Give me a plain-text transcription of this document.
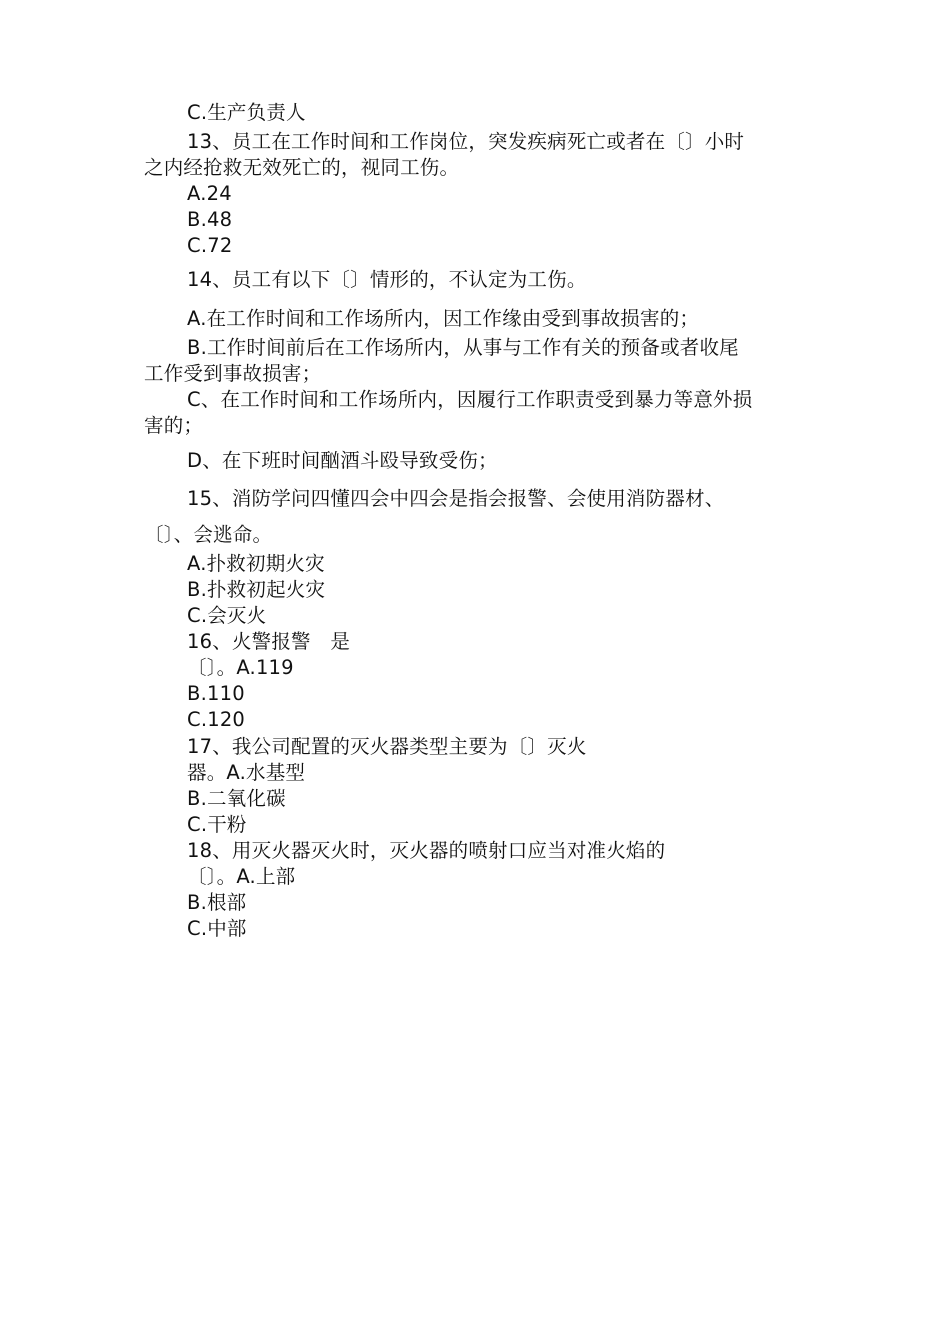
C.生产负责人
13、员工在工作时间和工作岗位，突发疾病死亡或者在〔〕小时
之内经抢救无效死亡的，视同工伤。
A.24
B.48
C.72
14、员工有以下〔〕情形的，不认定为工伤。
A.在工作时间和工作场所内，因工作缘由受到事故损害的；
B.工作时间前后在工作场所内，从事与工作有关的预备或者收尾
工作受到事故损害；
C、在工作时间和工作场所内，因履行工作职责受到暴力等意外损
害的；
D、在下班时间酗酒斗殴导致受伤；
15、消防学问四懂四会中四会是指会报警、会使用消防器材、
〔〕、会逃命。
A.扑救初期火灾
B.扑救初起火灾
C.会灭火
16、火警报警　是
〔〕。A.119
B.110
C.120
17、我公司配置的灭火器类型主要为〔〕灭火
器。A.水基型
B.二氧化碳
C.干粉
18、用灭火器灭火时，灭火器的喷射口应当对准火焰的
〔〕。A.上部
B.根部
C.中部
